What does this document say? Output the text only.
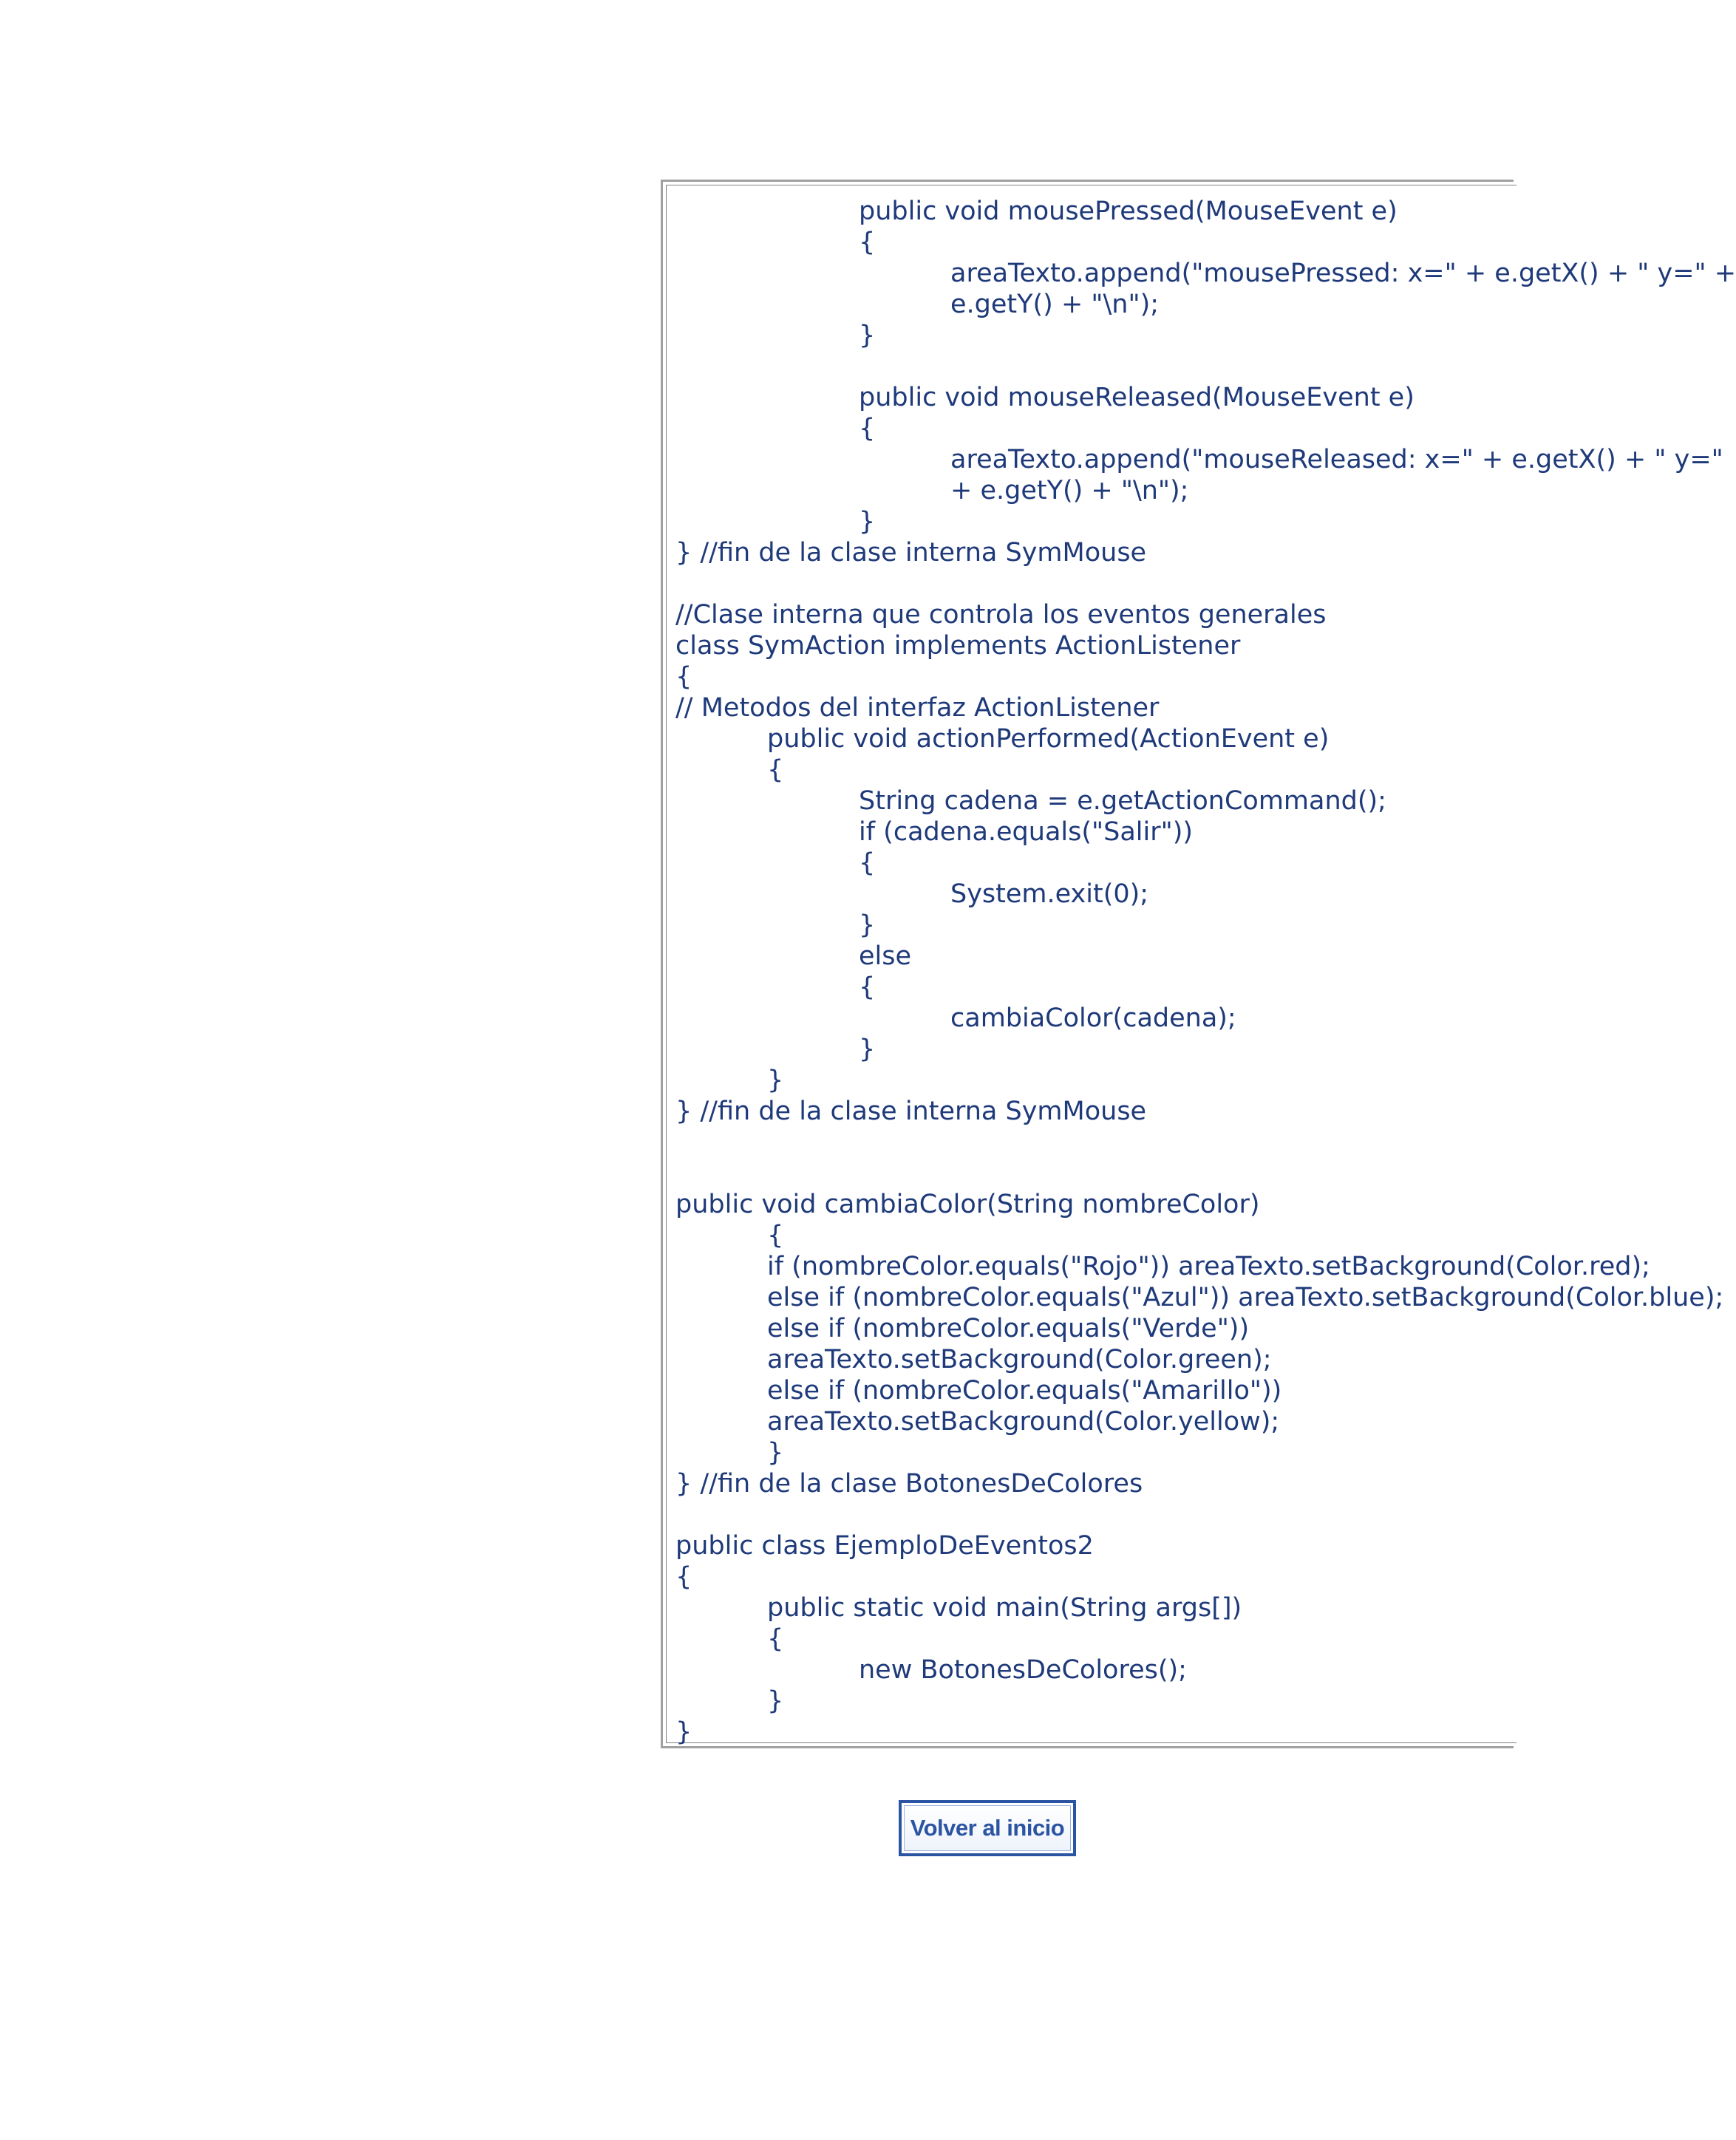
public void mousePressed(MouseEvent e)
{
areaTexto.append("mousePressed: x=" + e.getX() + " y=" +
e.getY() + "\n");
}
public void mouseReleased(MouseEvent e)
{
areaTexto.append("mouseReleased: x=" + e.getX() + " y="
+ e.getY() + "\n");
}
} //fin de la clase interna SymMouse
//Clase interna que controla los eventos generales
class SymAction implements ActionListener
{
// Metodos del interfaz ActionListener
public void actionPerformed(ActionEvent e)
{
String cadena = e.getActionCommand();
if (cadena.equals("Salir"))
{
System.exit(0);
}
else
{
cambiaColor(cadena);
}
}
} //fin de la clase interna SymMouse
public void cambiaColor(String nombreColor)
{
if (nombreColor.equals("Rojo")) areaTexto.setBackground(Color.red);
else if (nombreColor.equals("Azul")) areaTexto.setBackground(Color.blue);
else if (nombreColor.equals("Verde"))
areaTexto.setBackground(Color.green);
else if (nombreColor.equals("Amarillo"))
areaTexto.setBackground(Color.yellow);
}
} //fin de la clase BotonesDeColores
public class EjemploDeEventos2
{
public static void main(String args[])
{
new BotonesDeColores();
}
}
Volver al inicio
